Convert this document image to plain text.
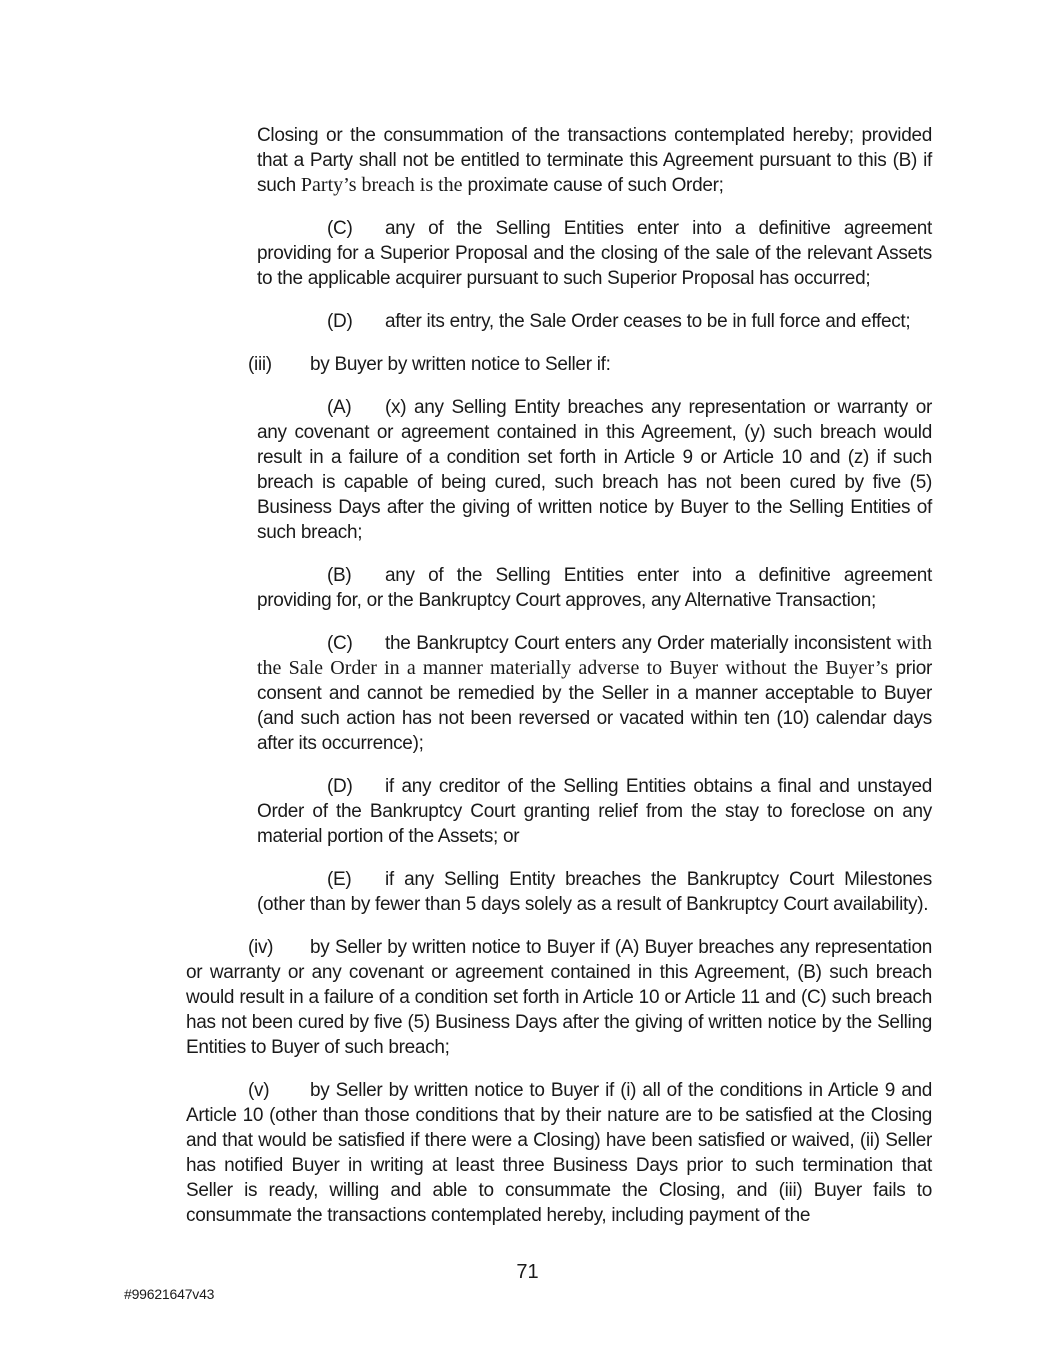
Closing or the consummation of the transactions contemplated hereby; provided that a Party shall not be entitled to terminate this Agreement pursuant to this (B) if such Party’s breach is the proximate cause of such Order;

(C) any of the Selling Entities enter into a definitive agreement providing for a Superior Proposal and the closing of the sale of the relevant Assets to the applicable acquirer pursuant to such Superior Proposal has occurred;

(D) after its entry, the Sale Order ceases to be in full force and effect;

(iii) by Buyer by written notice to Seller if:

(A) (x) any Selling Entity breaches any representation or warranty or any covenant or agreement contained in this Agreement, (y) such breach would result in a failure of a condition set forth in Article 9 or Article 10 and (z) if such breach is capable of being cured, such breach has not been cured by five (5) Business Days after the giving of written notice by Buyer to the Selling Entities of such breach;

(B) any of the Selling Entities enter into a definitive agreement providing for, or the Bankruptcy Court approves, any Alternative Transaction;

(C) the Bankruptcy Court enters any Order materially inconsistent with the Sale Order in a manner materially adverse to Buyer without the Buyer’s prior consent and cannot be remedied by the Seller in a manner acceptable to Buyer (and such action has not been reversed or vacated within ten (10) calendar days after its occurrence);

(D) if any creditor of the Selling Entities obtains a final and unstayed Order of the Bankruptcy Court granting relief from the stay to foreclose on any material portion of the Assets; or

(E) if any Selling Entity breaches the Bankruptcy Court Milestones (other than by fewer than 5 days solely as a result of Bankruptcy Court availability).

(iv) by Seller by written notice to Buyer if (A) Buyer breaches any representation or warranty or any covenant or agreement contained in this Agreement, (B) such breach would result in a failure of a condition set forth in Article 10 or Article 11 and (C) such breach has not been cured by five (5) Business Days after the giving of written notice by the Selling Entities to Buyer of such breach;

(v) by Seller by written notice to Buyer if (i) all of the conditions in Article 9 and Article 10 (other than those conditions that by their nature are to be satisfied at the Closing and that would be satisfied if there were a Closing) have been satisfied or waived, (ii) Seller has notified Buyer in writing at least three Business Days prior to such termination that Seller is ready, willing and able to consummate the Closing, and (iii) Buyer fails to consummate the transactions contemplated hereby, including payment of the

71
#99621647v43
